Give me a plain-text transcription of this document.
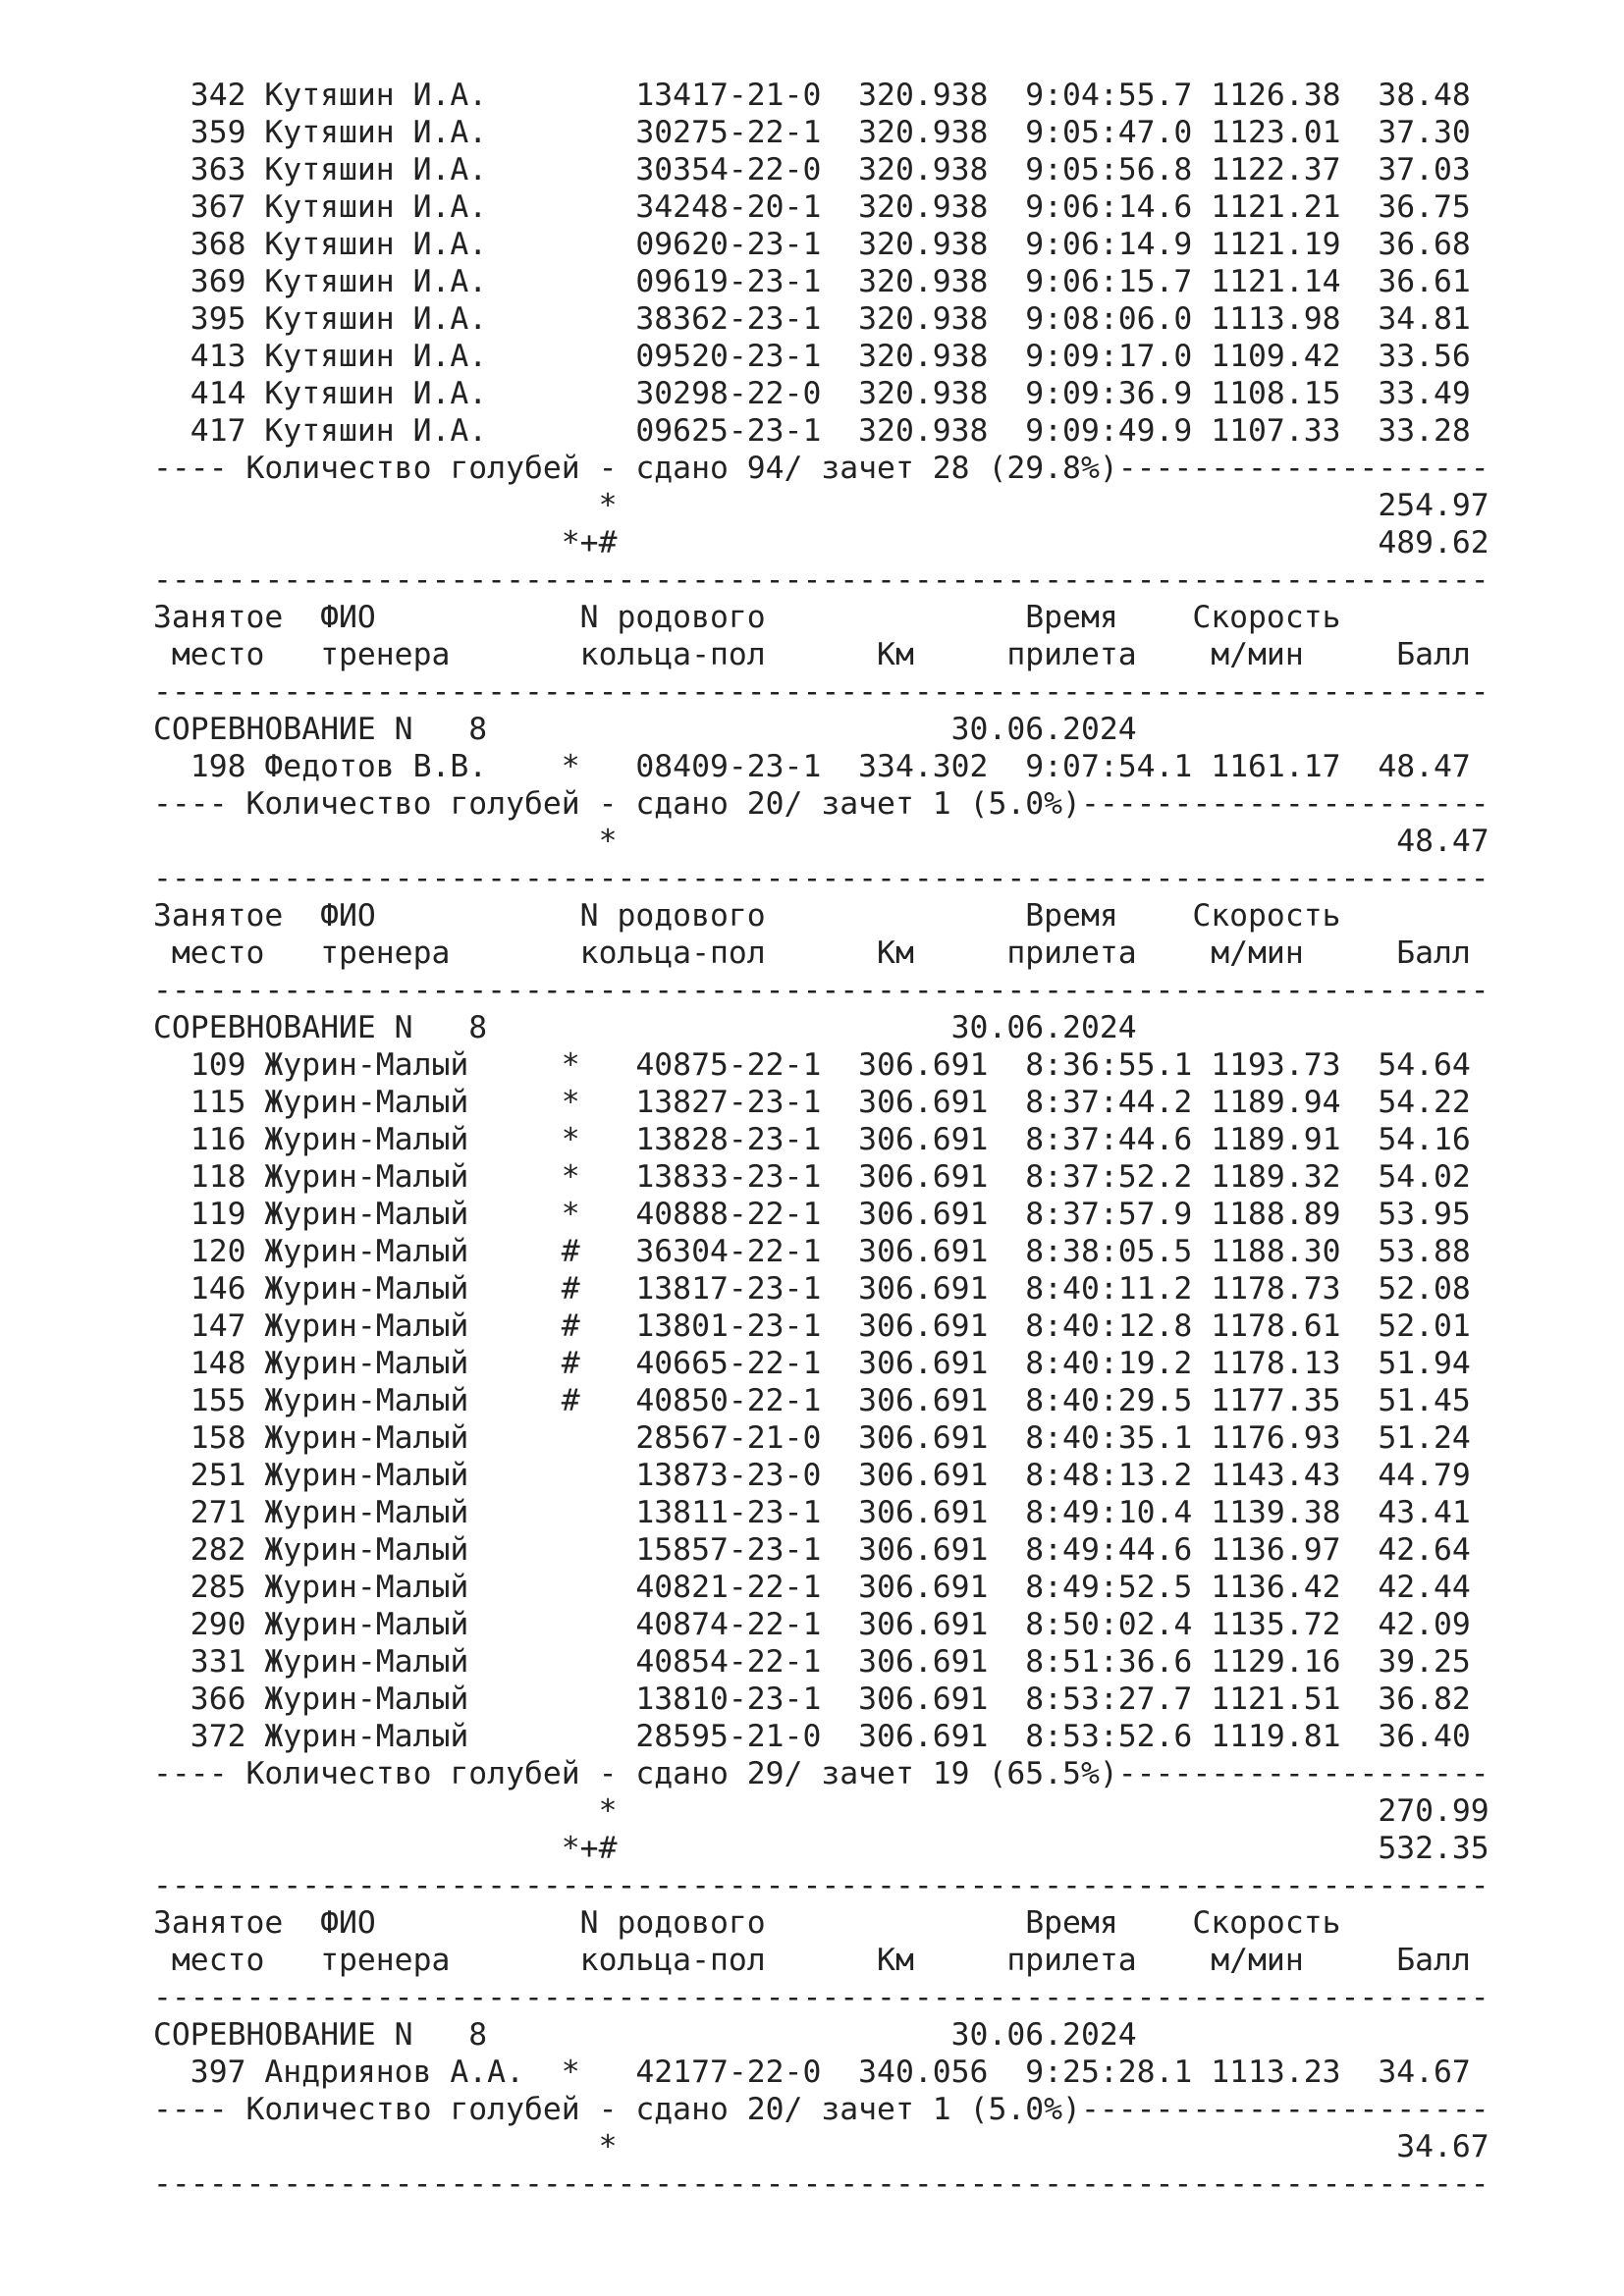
342 Кутяшин И.А.        13417-21-0  320.938  9:04:55.7 1126.38  38.48
359 Кутяшин И.А.        30275-22-1  320.938  9:05:47.0 1123.01  37.30
363 Кутяшин И.А.        30354-22-0  320.938  9:05:56.8 1122.37  37.03
367 Кутяшин И.А.        34248-20-1  320.938  9:06:14.6 1121.21  36.75
368 Кутяшин И.А.        09620-23-1  320.938  9:06:14.9 1121.19  36.68
369 Кутяшин И.А.        09619-23-1  320.938  9:06:15.7 1121.14  36.61
395 Кутяшин И.А.        38362-23-1  320.938  9:08:06.0 1113.98  34.81
413 Кутяшин И.А.        09520-23-1  320.938  9:09:17.0 1109.42  33.56
414 Кутяшин И.А.        30298-22-0  320.938  9:09:36.9 1108.15  33.49
417 Кутяшин И.А.        09625-23-1  320.938  9:09:49.9 1107.33  33.28
---- Количество голубей - сдано 94/ зачет 28 (29.8%)--------------------
*                                         254.97
*+#                                         489.62
------------------------------------------------------------------------
Занятое  ФИО           N родового              Время    Скорость
место   тренера       кольца-пол      Км     прилета    м/мин     Балл
------------------------------------------------------------------------
СОРЕВНОВАНИЕ N   8                         30.06.2024
198 Федотов В.В.    *   08409-23-1  334.302  9:07:54.1 1161.17  48.47
---- Количество голубей - сдано 20/ зачет 1 (5.0%)----------------------
*                                          48.47
------------------------------------------------------------------------
Занятое  ФИО           N родового              Время    Скорость
место   тренера       кольца-пол      Км     прилета    м/мин     Балл
------------------------------------------------------------------------
СОРЕВНОВАНИЕ N   8                         30.06.2024
109 Журин-Малый     *   40875-22-1  306.691  8:36:55.1 1193.73  54.64
115 Журин-Малый     *   13827-23-1  306.691  8:37:44.2 1189.94  54.22
116 Журин-Малый     *   13828-23-1  306.691  8:37:44.6 1189.91  54.16
118 Журин-Малый     *   13833-23-1  306.691  8:37:52.2 1189.32  54.02
119 Журин-Малый     *   40888-22-1  306.691  8:37:57.9 1188.89  53.95
120 Журин-Малый     #   36304-22-1  306.691  8:38:05.5 1188.30  53.88
146 Журин-Малый     #   13817-23-1  306.691  8:40:11.2 1178.73  52.08
147 Журин-Малый     #   13801-23-1  306.691  8:40:12.8 1178.61  52.01
148 Журин-Малый     #   40665-22-1  306.691  8:40:19.2 1178.13  51.94
155 Журин-Малый     #   40850-22-1  306.691  8:40:29.5 1177.35  51.45
158 Журин-Малый         28567-21-0  306.691  8:40:35.1 1176.93  51.24
251 Журин-Малый         13873-23-0  306.691  8:48:13.2 1143.43  44.79
271 Журин-Малый         13811-23-1  306.691  8:49:10.4 1139.38  43.41
282 Журин-Малый         15857-23-1  306.691  8:49:44.6 1136.97  42.64
285 Журин-Малый         40821-22-1  306.691  8:49:52.5 1136.42  42.44
290 Журин-Малый         40874-22-1  306.691  8:50:02.4 1135.72  42.09
331 Журин-Малый         40854-22-1  306.691  8:51:36.6 1129.16  39.25
366 Журин-Малый         13810-23-1  306.691  8:53:27.7 1121.51  36.82
372 Журин-Малый         28595-21-0  306.691  8:53:52.6 1119.81  36.40
---- Количество голубей - сдано 29/ зачет 19 (65.5%)--------------------
*                                         270.99
*+#                                         532.35
------------------------------------------------------------------------
Занятое  ФИО           N родового              Время    Скорость
место   тренера       кольца-пол      Км     прилета    м/мин     Балл
------------------------------------------------------------------------
СОРЕВНОВАНИЕ N   8                         30.06.2024
397 Андриянов А.А.  *   42177-22-0  340.056  9:25:28.1 1113.23  34.67
---- Количество голубей - сдано 20/ зачет 1 (5.0%)----------------------
*                                          34.67
------------------------------------------------------------------------
